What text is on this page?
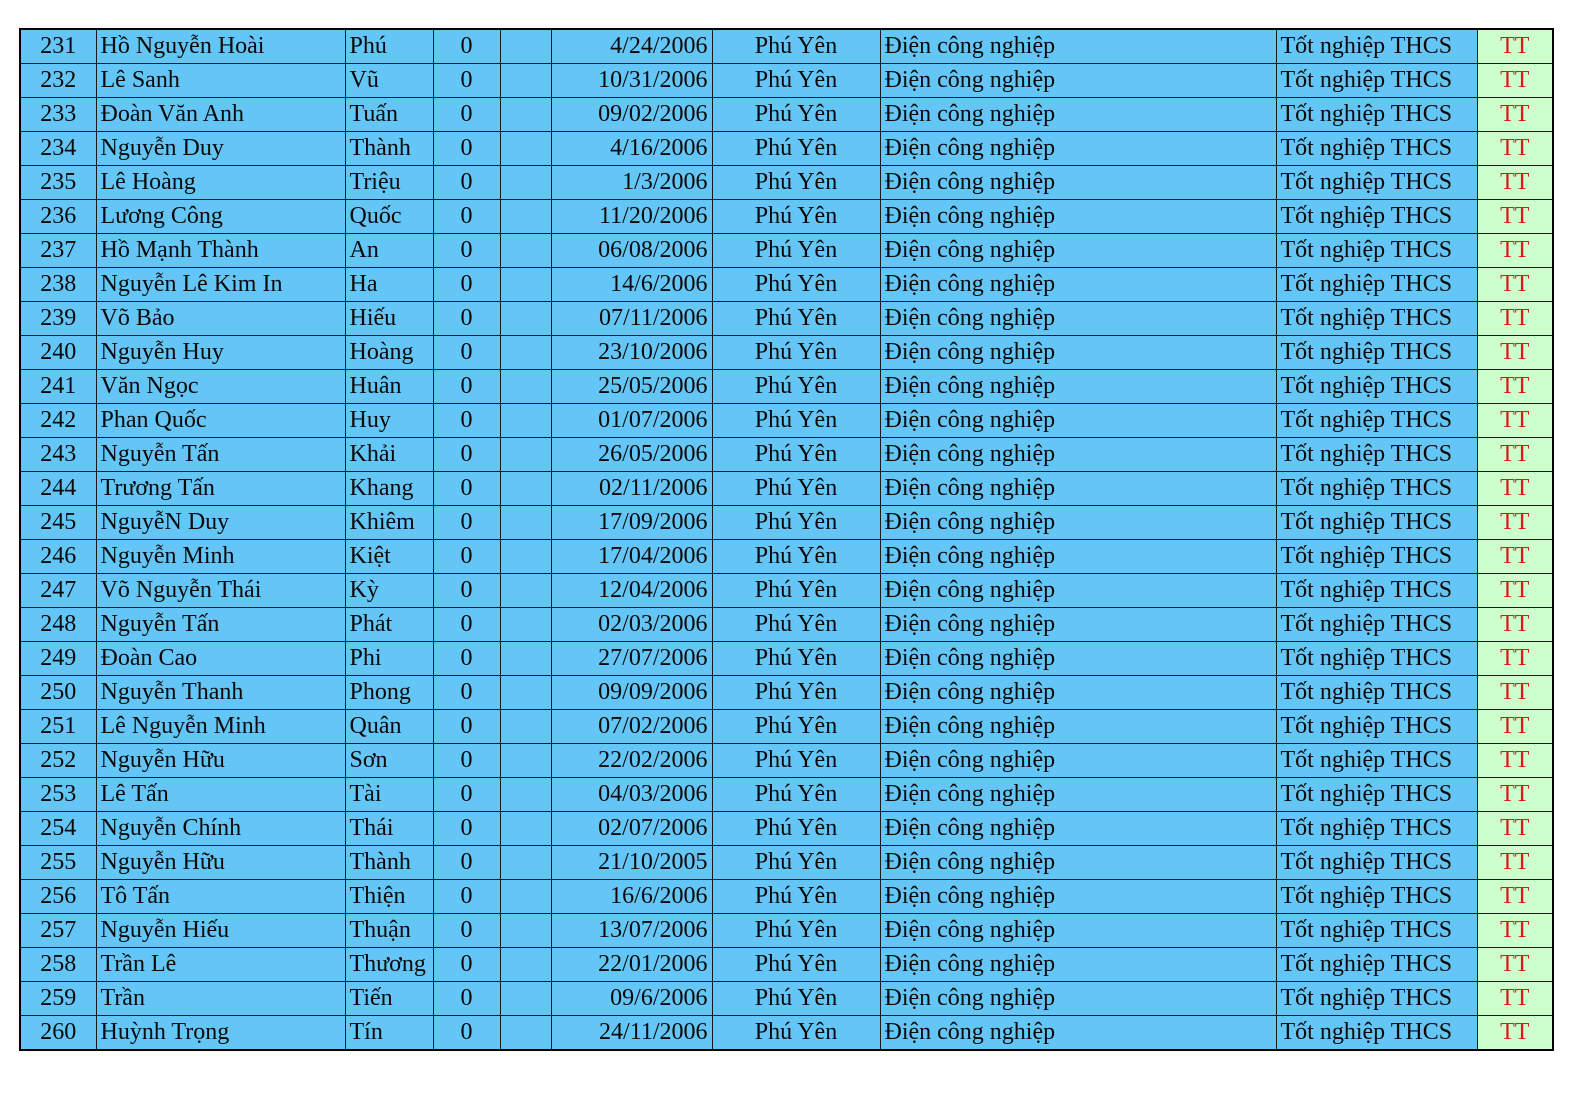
231	Hồ Nguyễn Hoài	Phú	0		4/24/2006	Phú Yên	Điện công nghiệp	Tốt nghiệp THCS	TT
232	Lê Sanh	Vũ	0		10/31/2006	Phú Yên	Điện công nghiệp	Tốt nghiệp THCS	TT
233	Đoàn Văn Anh	Tuấn	0		09/02/2006	Phú Yên	Điện công nghiệp	Tốt nghiệp THCS	TT
234	Nguyễn Duy	Thành	0		4/16/2006	Phú Yên	Điện công nghiệp	Tốt nghiệp THCS	TT
235	Lê Hoàng	Triệu	0		1/3/2006	Phú Yên	Điện công nghiệp	Tốt nghiệp THCS	TT
236	Lương Công	Quốc	0		11/20/2006	Phú Yên	Điện công nghiệp	Tốt nghiệp THCS	TT
237	Hồ Mạnh Thành	An	0		06/08/2006	Phú Yên	Điện công nghiệp	Tốt nghiệp THCS	TT
238	Nguyễn Lê Kim In	Ha	0		14/6/2006	Phú Yên	Điện công nghiệp	Tốt nghiệp THCS	TT
239	Võ Bảo	Hiếu	0		07/11/2006	Phú Yên	Điện công nghiệp	Tốt nghiệp THCS	TT
240	Nguyễn Huy	Hoàng	0		23/10/2006	Phú Yên	Điện công nghiệp	Tốt nghiệp THCS	TT
241	Văn Ngọc	Huân	0		25/05/2006	Phú Yên	Điện công nghiệp	Tốt nghiệp THCS	TT
242	Phan Quốc	Huy	0		01/07/2006	Phú Yên	Điện công nghiệp	Tốt nghiệp THCS	TT
243	Nguyễn Tấn	Khải	0		26/05/2006	Phú Yên	Điện công nghiệp	Tốt nghiệp THCS	TT
244	Trương Tấn	Khang	0		02/11/2006	Phú Yên	Điện công nghiệp	Tốt nghiệp THCS	TT
245	NguyễN Duy	Khiêm	0		17/09/2006	Phú Yên	Điện công nghiệp	Tốt nghiệp THCS	TT
246	Nguyễn Minh	Kiệt	0		17/04/2006	Phú Yên	Điện công nghiệp	Tốt nghiệp THCS	TT
247	Võ Nguyễn Thái	Kỳ	0		12/04/2006	Phú Yên	Điện công nghiệp	Tốt nghiệp THCS	TT
248	Nguyễn Tấn	Phát	0		02/03/2006	Phú Yên	Điện công nghiệp	Tốt nghiệp THCS	TT
249	Đoàn Cao	Phi	0		27/07/2006	Phú Yên	Điện công nghiệp	Tốt nghiệp THCS	TT
250	Nguyễn Thanh	Phong	0		09/09/2006	Phú Yên	Điện công nghiệp	Tốt nghiệp THCS	TT
251	Lê Nguyễn Minh	Quân	0		07/02/2006	Phú Yên	Điện công nghiệp	Tốt nghiệp THCS	TT
252	Nguyễn Hữu	Sơn	0		22/02/2006	Phú Yên	Điện công nghiệp	Tốt nghiệp THCS	TT
253	Lê Tấn	Tài	0		04/03/2006	Phú Yên	Điện công nghiệp	Tốt nghiệp THCS	TT
254	Nguyễn Chính	Thái	0		02/07/2006	Phú Yên	Điện công nghiệp	Tốt nghiệp THCS	TT
255	Nguyễn Hữu	Thành	0		21/10/2005	Phú Yên	Điện công nghiệp	Tốt nghiệp THCS	TT
256	Tô Tấn	Thiện	0		16/6/2006	Phú Yên	Điện công nghiệp	Tốt nghiệp THCS	TT
257	Nguyễn Hiếu	Thuận	0		13/07/2006	Phú Yên	Điện công nghiệp	Tốt nghiệp THCS	TT
258	Trần Lê	Thương	0		22/01/2006	Phú Yên	Điện công nghiệp	Tốt nghiệp THCS	TT
259	Trần	Tiến	0		09/6/2006	Phú Yên	Điện công nghiệp	Tốt nghiệp THCS	TT
260	Huỳnh Trọng	Tín	0		24/11/2006	Phú Yên	Điện công nghiệp	Tốt nghiệp THCS	TT
